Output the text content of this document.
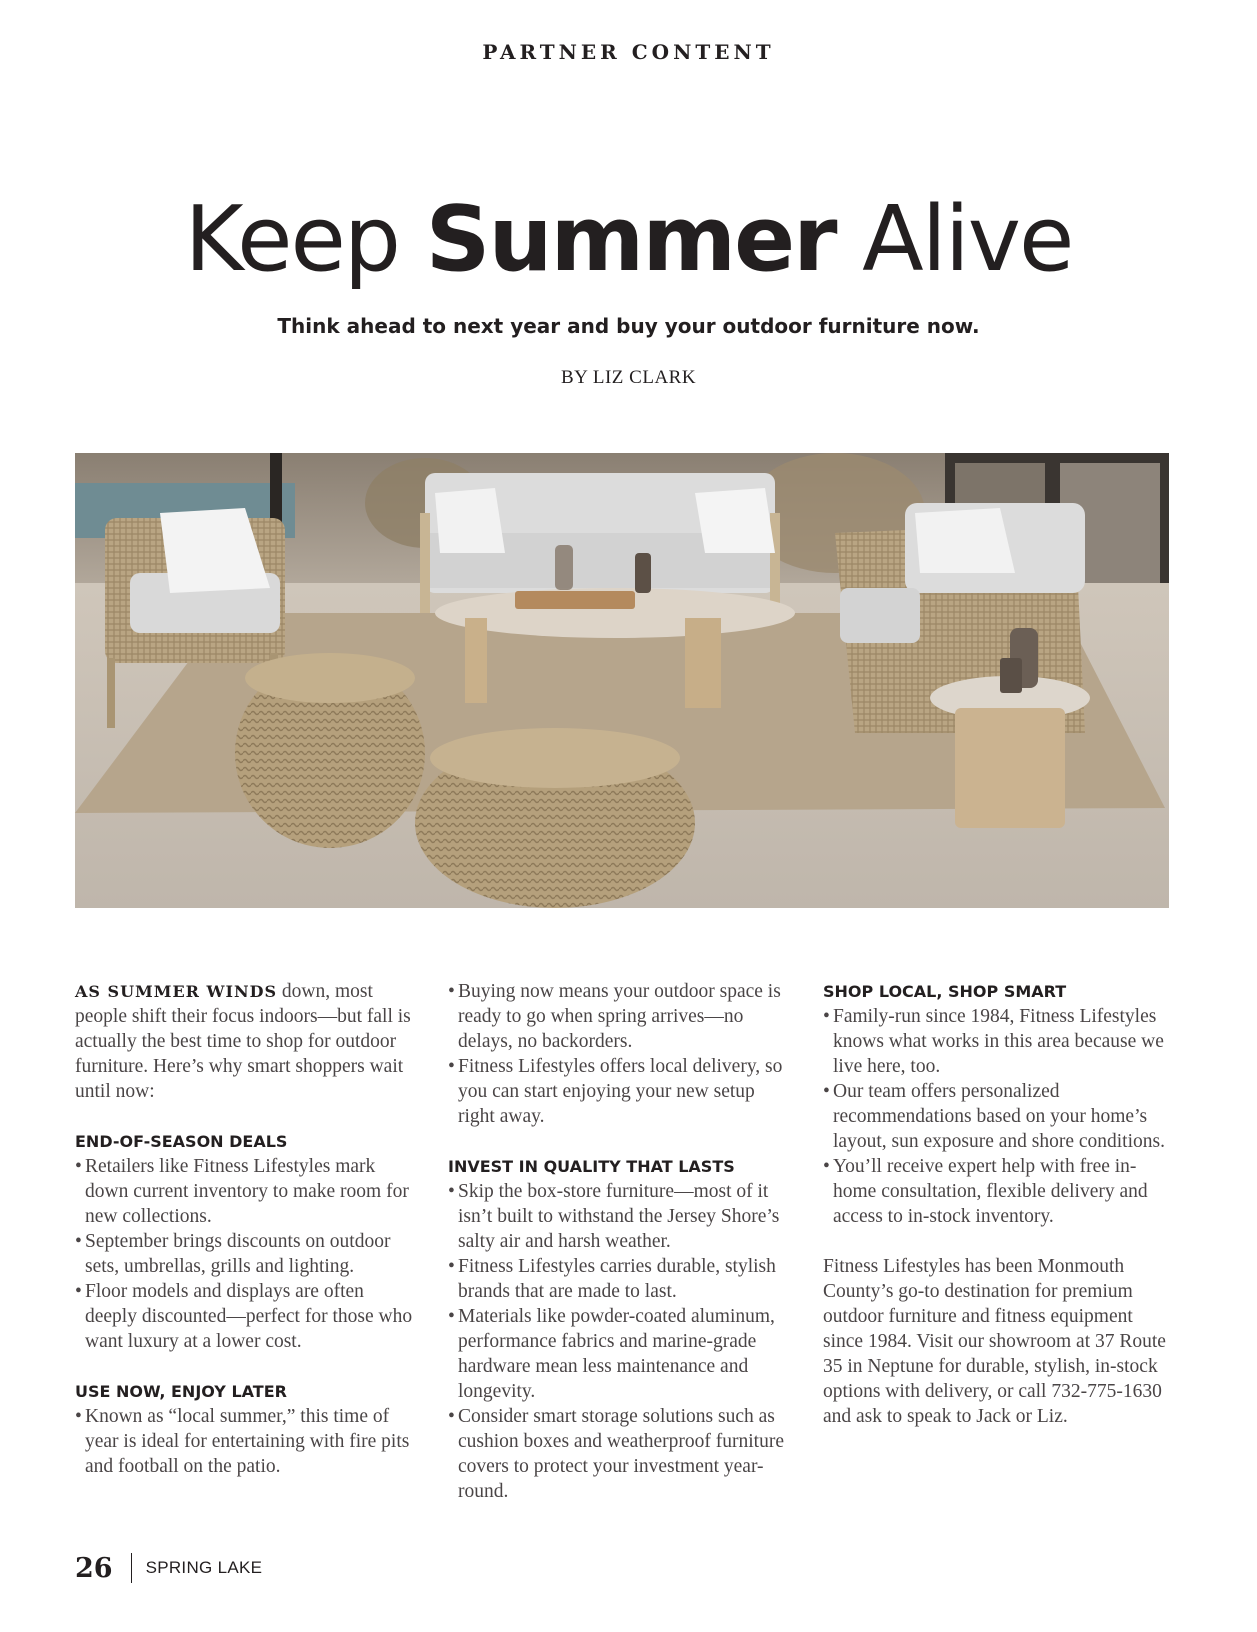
PARTNER CONTENT
Keep Summer Alive

Think ahead to next year and buy your outdoor furniture now.

BY LIZ CLARK

AS SUMMER WINDS down, most people shift their focus indoors—but fall is actually the best time to shop for outdoor furniture. Here’s why smart shoppers wait until now:

END-OF-SEASON DEALS
• Retailers like Fitness Lifestyles mark down current inventory to make room for new collections.
• September brings discounts on outdoor sets, umbrellas, grills and lighting.
• Floor models and displays are often deeply discounted—perfect for those who want luxury at a lower cost.
USE NOW, ENJOY LATER
• Known as “local summer,” this time of year is ideal for entertaining with fire pits and football on the patio.
• Buying now means your outdoor space is ready to go when spring arrives—no delays, no backorders.
• Fitness Lifestyles offers local delivery, so you can start enjoying your new setup right away.
INVEST IN QUALITY THAT LASTS
• Skip the box-store furniture—most of it isn’t built to withstand the Jersey Shore’s salty air and harsh weather.
• Fitness Lifestyles carries durable, stylish brands that are made to last.
• Materials like powder-coated aluminum, performance fabrics and marine-grade hardware mean less maintenance and longevity.
• Consider smart storage solutions such as cushion boxes and weatherproof furniture covers to protect your investment year-round.
SHOP LOCAL, SHOP SMART
• Family-run since 1984, Fitness Lifestyles knows what works in this area because we live here, too.
• Our team offers personalized recommendations based on your home’s layout, sun exposure and shore conditions.
• You’ll receive expert help with free in-home consultation, flexible delivery and access to in-stock inventory.

Fitness Lifestyles has been Monmouth County’s go-to destination for premium outdoor furniture and fitness equipment since 1984. Visit our showroom at 37 Route 35 in Neptune for durable, stylish, in-stock options with delivery, or call 732-775-1630 and ask to speak to Jack or Liz.

26 SPRING LAKE
